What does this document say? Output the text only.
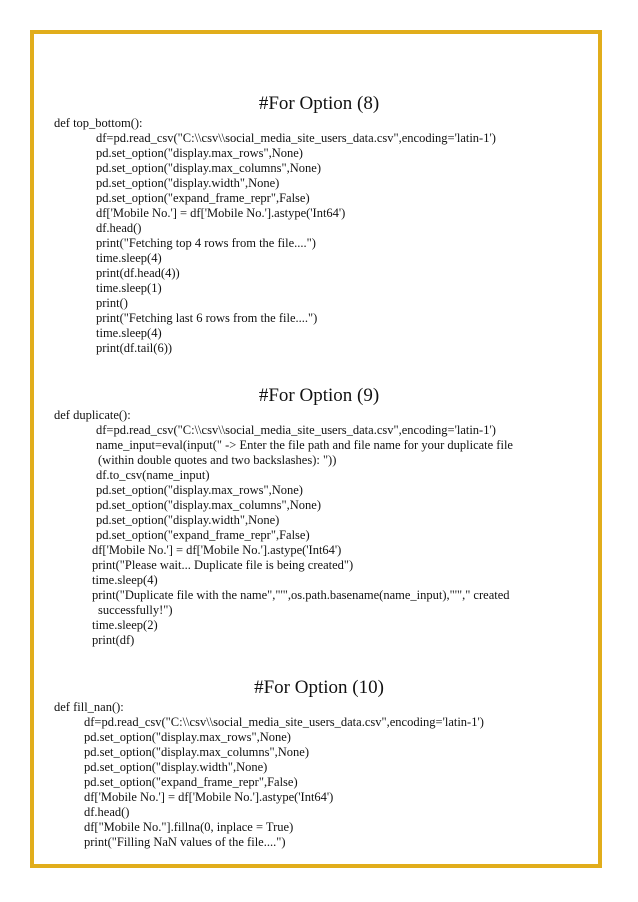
#For Option (8)
def top_bottom():
df=pd.read_csv("C:\\csv\\social_media_site_users_data.csv",encoding='latin-1')
pd.set_option("display.max_rows",None)
pd.set_option("display.max_columns",None)
pd.set_option("display.width",None)
pd.set_option("expand_frame_repr",False)
df['Mobile No.'] = df['Mobile No.'].astype('Int64')
df.head()
print("Fetching top 4 rows from the file....")
time.sleep(4)
print(df.head(4))
time.sleep(1)
print()
print("Fetching last 6 rows from the file....")
time.sleep(4)
print(df.tail(6))
#For Option (9)
def duplicate():
df=pd.read_csv("C:\\csv\\social_media_site_users_data.csv",encoding='latin-1')
name_input=eval(input(" -> Enter the file path and file name for your duplicate file
(within double quotes and two backslashes): "))
df.to_csv(name_input)
pd.set_option("display.max_rows",None)
pd.set_option("display.max_columns",None)
pd.set_option("display.width",None)
pd.set_option("expand_frame_repr",False)
df['Mobile No.'] = df['Mobile No.'].astype('Int64')
print("Please wait... Duplicate file is being created")
time.sleep(4)
print("Duplicate file with the name","'",os.path.basename(name_input),"'"," created
successfully!")
time.sleep(2)
print(df)
#For Option (10)
def fill_nan():
df=pd.read_csv("C:\\csv\\social_media_site_users_data.csv",encoding='latin-1')
pd.set_option("display.max_rows",None)
pd.set_option("display.max_columns",None)
pd.set_option("display.width",None)
pd.set_option("expand_frame_repr",False)
df['Mobile No.'] = df['Mobile No.'].astype('Int64')
df.head()
df["Mobile No."].fillna(0, inplace = True)
print("Filling NaN values of the file....")
